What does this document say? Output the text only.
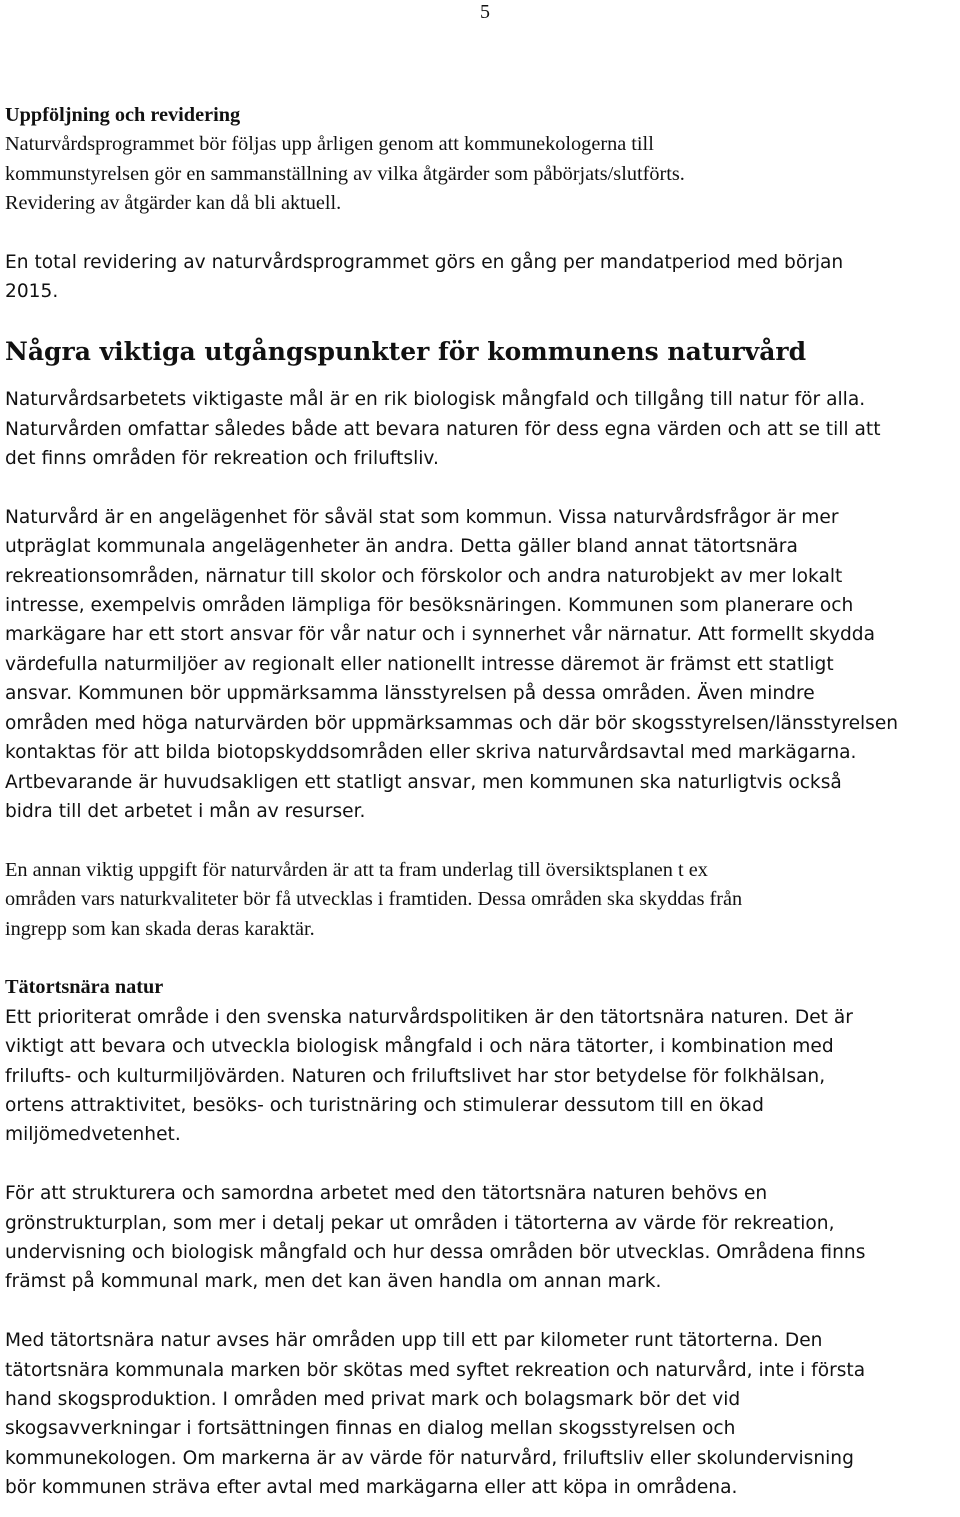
5

Uppföljning och revidering

Naturvårdsprogrammet bör följas upp årligen genom att kommunekologerna till

kommunstyrelsen gör en sammanställning av vilka åtgärder som påbörjats/slutförts.

Revidering av åtgärder kan då bli aktuell.

En total revidering av naturvårdsprogrammet görs en gång per mandatperiod med början

2015.

Några viktiga utgångspunkter för kommunens naturvård

Naturvårdsarbetets viktigaste mål är en rik biologisk mångfald och tillgång till natur för alla.

Naturvården omfattar således både att bevara naturen för dess egna värden och att se till att

det finns områden för rekreation och friluftsliv.

Naturvård är en angelägenhet för såväl stat som kommun. Vissa naturvårdsfrågor är mer

utpräglat kommunala angelägenheter än andra. Detta gäller bland annat tätortsnära

rekreationsområden, närnatur till skolor och förskolor och andra naturobjekt av mer lokalt

intresse, exempelvis områden lämpliga för besöksnäringen. Kommunen som planerare och

markägare har ett stort ansvar för vår natur och i synnerhet vår närnatur. Att formellt skydda

värdefulla naturmiljöer av regionalt eller nationellt intresse däremot är främst ett statligt

ansvar. Kommunen bör uppmärksamma länsstyrelsen på dessa områden. Även mindre

områden med höga naturvärden bör uppmärksammas och där bör skogsstyrelsen/länsstyrelsen

kontaktas för att bilda biotopskyddsområden eller skriva naturvårdsavtal med markägarna.

Artbevarande är huvudsakligen ett statligt ansvar, men kommunen ska naturligtvis också

bidra till det arbetet i mån av resurser.

En annan viktig uppgift för naturvården är att ta fram underlag till översiktsplanen t ex

områden vars naturkvaliteter bör få utvecklas i framtiden. Dessa områden ska skyddas från

ingrepp som kan skada deras karaktär.

Tätortsnära natur

Ett prioriterat område i den svenska naturvårdspolitiken är den tätortsnära naturen. Det är

viktigt att bevara och utveckla biologisk mångfald i och nära tätorter, i kombination med

frilufts- och kulturmiljövärden. Naturen och friluftslivet har stor betydelse för folkhälsan,

ortens attraktivitet, besöks- och turistnäring och stimulerar dessutom till en ökad

miljömedvetenhet.

För att strukturera och samordna arbetet med den tätortsnära naturen behövs en

grönstrukturplan, som mer i detalj pekar ut områden i tätorterna av värde för rekreation,

undervisning och biologisk mångfald och hur dessa områden bör utvecklas. Områdena finns

främst på kommunal mark, men det kan även handla om annan mark.

Med tätortsnära natur avses här områden upp till ett par kilometer runt tätorterna. Den

tätortsnära kommunala marken bör skötas med syftet rekreation och naturvård, inte i första

hand skogsproduktion. I områden med privat mark och bolagsmark bör det vid

skogsavverkningar i fortsättningen finnas en dialog mellan skogsstyrelsen och

kommunekologen. Om markerna är av värde för naturvård, friluftsliv eller skolundervisning

bör kommunen sträva efter avtal med markägarna eller att köpa in områdena.
